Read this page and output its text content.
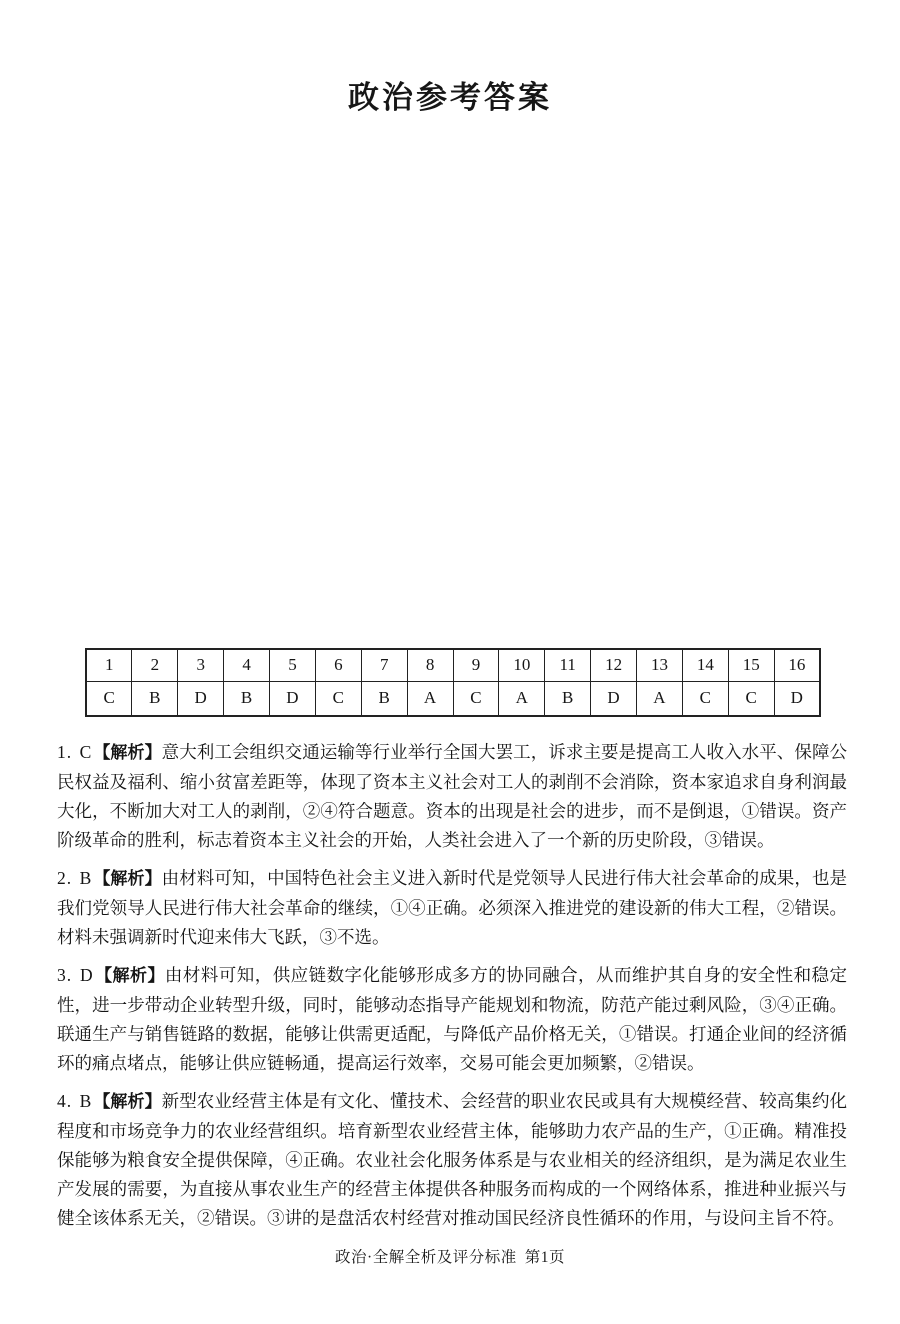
政治参考答案
1	2	3	4	5	6	7	8	9	10	11	12	13	14	15	16
C	B	D	B	D	C	B	A	C	A	B	D	A	C	C	D

1. C 【解析】意大利工会组织交通运输等行业举行全国大罢工，诉求主要是提高工人收入水平、保障公民权益及福利、缩小贫富差距等，体现了资本主义社会对工人的剥削不会消除，资本家追求自身利润最大化，不断加大对工人的剥削，②④符合题意。资本的出现是社会的进步，而不是倒退，①错误。资产阶级革命的胜利，标志着资本主义社会的开始，人类社会进入了一个新的历史阶段，③错误。

2. B 【解析】由材料可知，中国特色社会主义进入新时代是党领导人民进行伟大社会革命的成果，也是我们党领导人民进行伟大社会革命的继续，①④正确。必须深入推进党的建设新的伟大工程，②错误。材料未强调新时代迎来伟大飞跃，③不选。

3. D 【解析】由材料可知，供应链数字化能够形成多方的协同融合，从而维护其自身的安全性和稳定性，进一步带动企业转型升级，同时，能够动态指导产能规划和物流，防范产能过剩风险，③④正确。联通生产与销售链路的数据，能够让供需更适配，与降低产品价格无关，①错误。打通企业间的经济循环的痛点堵点，能够让供应链畅通，提高运行效率，交易可能会更加频繁，②错误。

4. B 【解析】新型农业经营主体是有文化、懂技术、会经营的职业农民或具有大规模经营、较高集约化程度和市场竞争力的农业经营组织。培育新型农业经营主体，能够助力农产品的生产，①正确。精准投保能够为粮食安全提供保障，④正确。农业社会化服务体系是与农业相关的经济组织，是为满足农业生产发展的需要，为直接从事农业生产的经营主体提供各种服务而构成的一个网络体系，推进种业振兴与健全该体系无关，②错误。③讲的是盘活农村经营对推动国民经济良性循环的作用，与设问主旨不符。

政治·全解全析及评分标准 第1页
